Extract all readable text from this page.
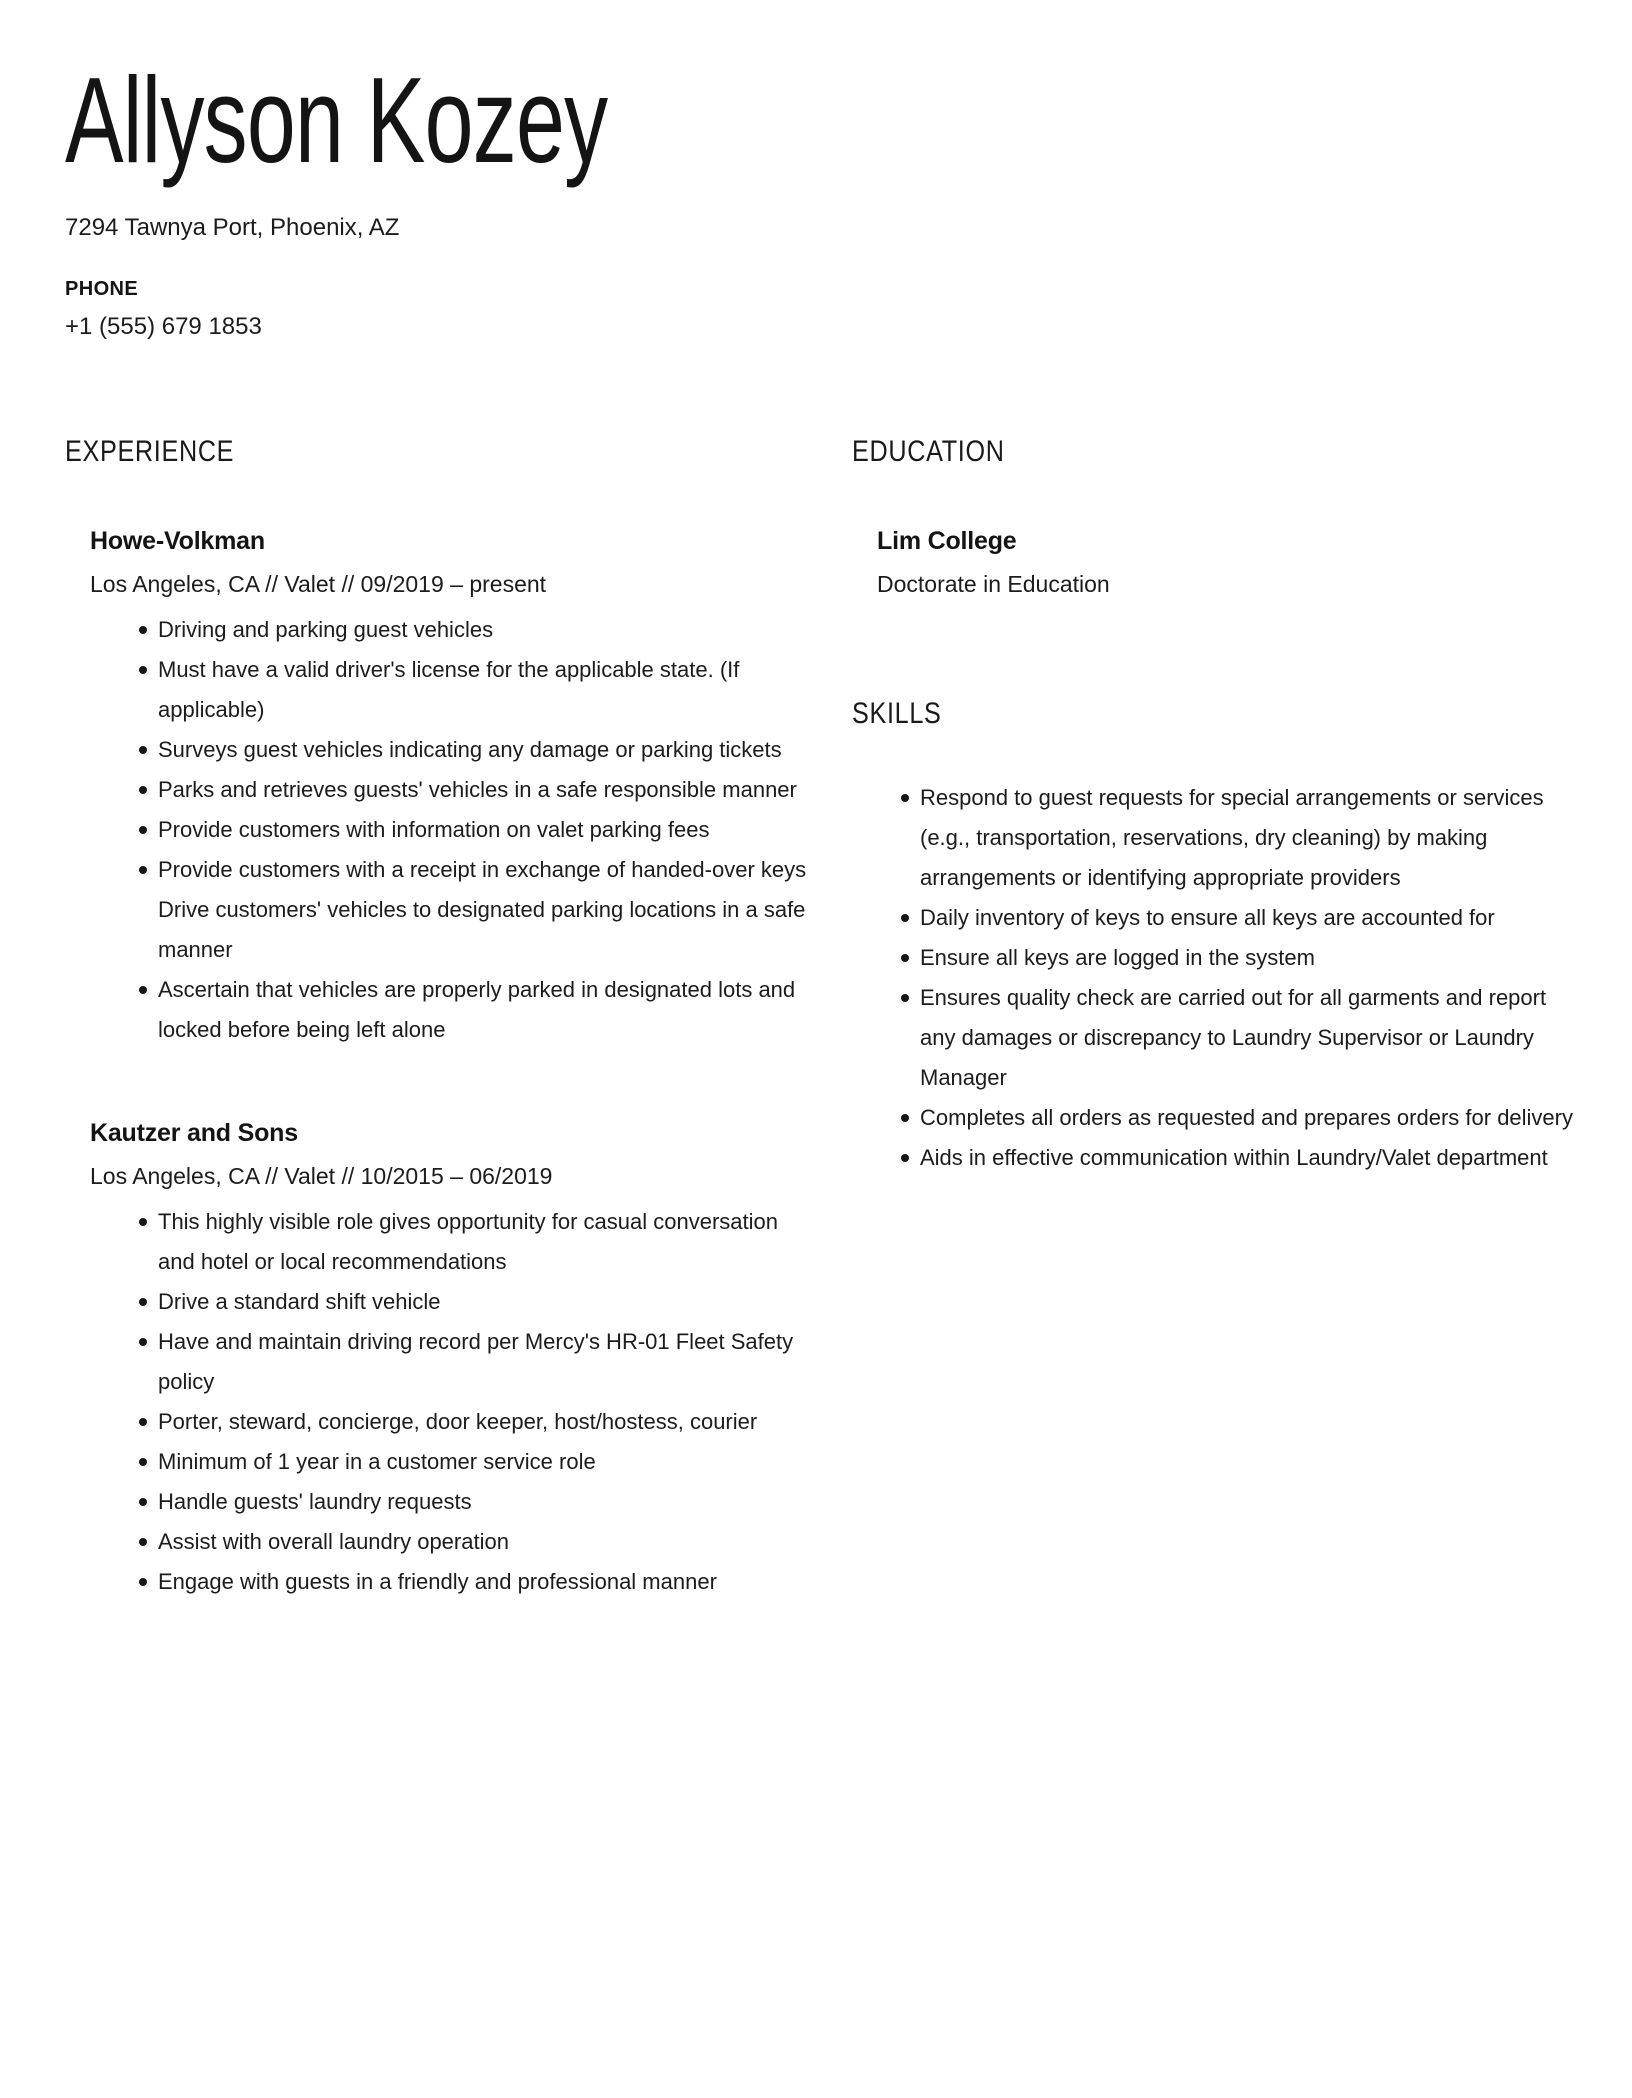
Allyson Kozey

7294 Tawnya Port, Phoenix, AZ

PHONE

+1 (555) 679 1853

EXPERIENCE
Howe-Volkman

Los Angeles, CA // Valet // 09/2019 – present

Driving and parking guest vehicles
Must have a valid driver's license for the applicable state. (If applicable)
Surveys guest vehicles indicating any damage or parking tickets
Parks and retrieves guests' vehicles in a safe responsible manner
Provide customers with information on valet parking fees
Provide customers with a receipt in exchange of handed-over keys Drive customers' vehicles to designated parking locations in a safe manner
Ascertain that vehicles are properly parked in designated lots and locked before being left alone
Kautzer and Sons

Los Angeles, CA // Valet // 10/2015 – 06/2019

This highly visible role gives opportunity for casual conversation and hotel or local recommendations
Drive a standard shift vehicle
Have and maintain driving record per Mercy's HR-01 Fleet Safety policy
Porter, steward, concierge, door keeper, host/hostess, courier
Minimum of 1 year in a customer service role
Handle guests' laundry requests
Assist with overall laundry operation
Engage with guests in a friendly and professional manner
EDUCATION
Lim College

Doctorate in Education

SKILLS
Respond to guest requests for special arrangements or services (e.g., transportation, reservations, dry cleaning) by making arrangements or identifying appropriate providers
Daily inventory of keys to ensure all keys are accounted for
Ensure all keys are logged in the system
Ensures quality check are carried out for all garments and report any damages or discrepancy to Laundry Supervisor or Laundry Manager
Completes all orders as requested and prepares orders for delivery
Aids in effective communication within Laundry/Valet department
